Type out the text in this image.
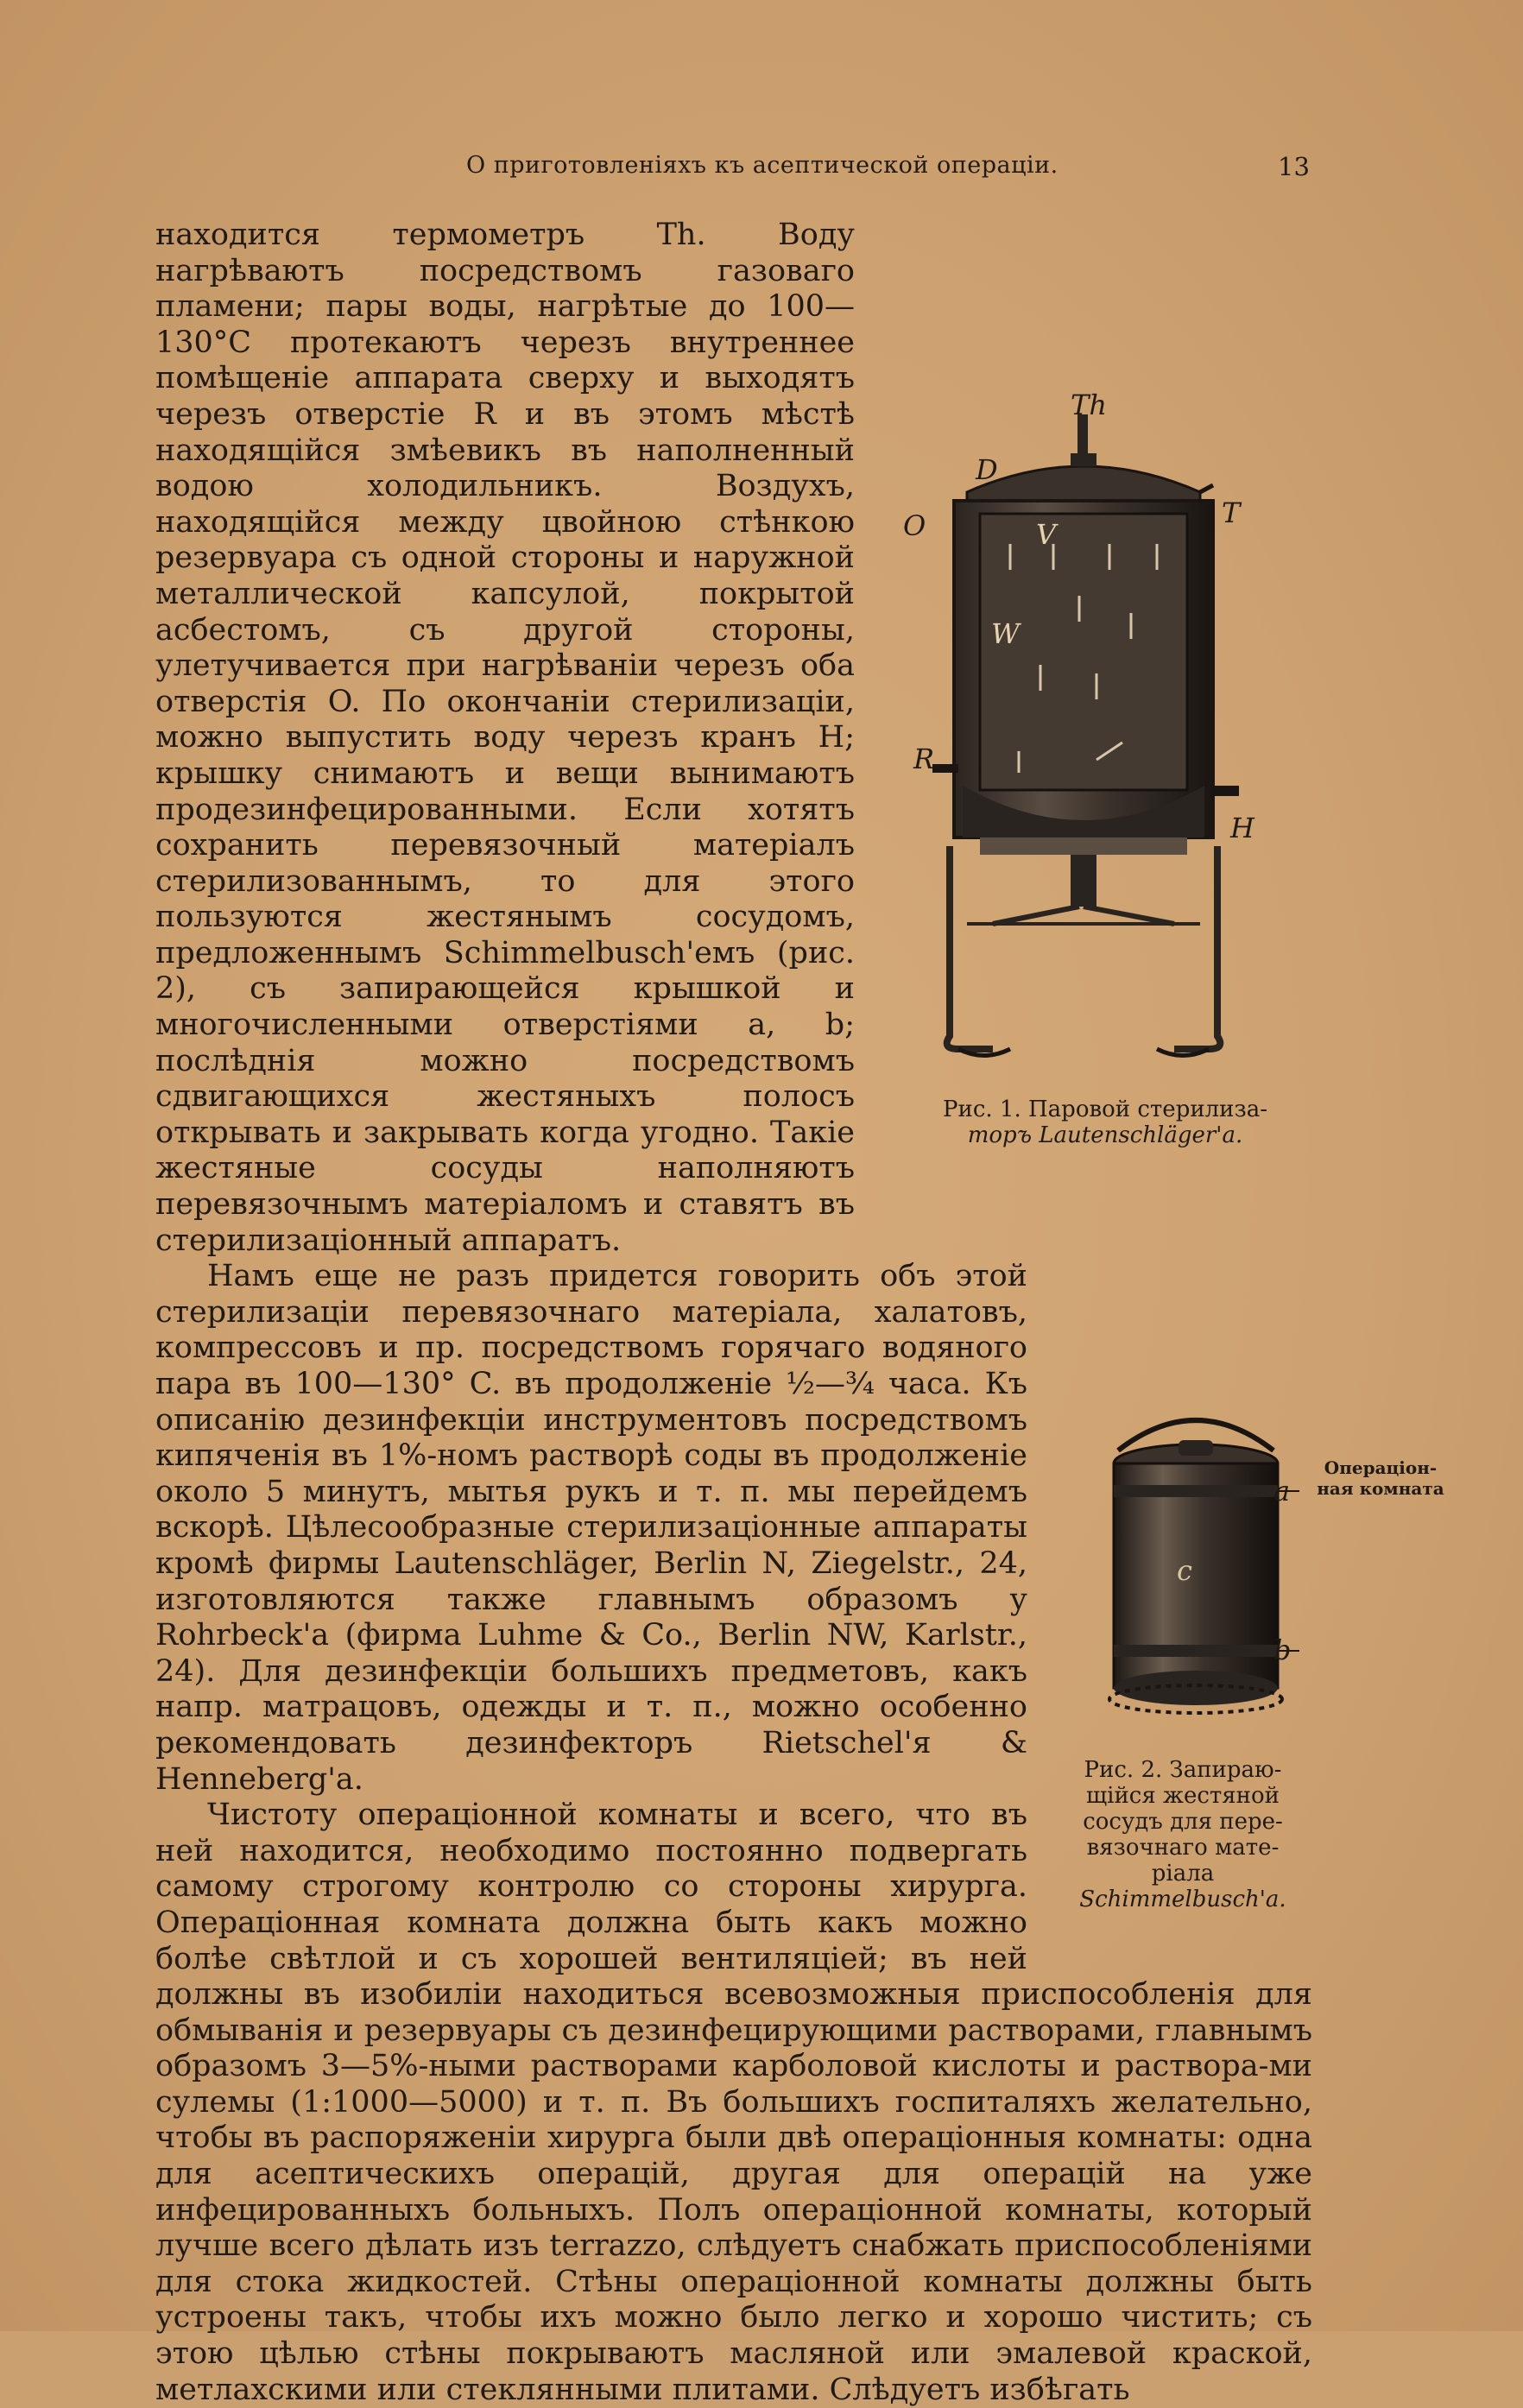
О приготовленіяхъ къ асептической операціи.	13

находится термометръ Th. Воду нагрѣваютъ посредствомъ газоваго пламени; пары воды, нагрѣтые до 100—130°C протекаютъ черезъ внутреннее помѣщеніе аппарата сверху и выходятъ черезъ отверстіе R и въ этомъ мѣстѣ находящійся змѣевикъ въ наполненный водою холодильникъ. Воздухъ, находящійся между цвойною стѣнкою резервуара съ одной стороны и наружной металлической капсулой, покрытой асбестомъ, съ другой стороны, улетучивается при нагрѣваніи черезъ оба отверстія O. По окончаніи стерилизаціи, можно выпустить воду черезъ кранъ H; крышку снимаютъ и вещи вынимаютъ продезинфецированными. Если хотятъ сохранить перевязочный матеріалъ стерилизованнымъ, то для этого пользуются жестянымъ сосудомъ, предложеннымъ Schimmelbusch'емъ (рис. 2), съ запирающейся крышкой и многочисленными отверстіями a, b; послѣднія можно посредствомъ сдвигающихся жестяныхъ полосъ открывать и закрывать когда угодно. Такіе жестяные сосуды наполняютъ перевязочнымъ матеріаломъ и ставятъ въ стерилизаціонный аппаратъ.

Намъ еще не разъ придется говорить объ этой стерилизаціи перевязочнаго матеріала, халатовъ, компрессовъ и пр. посредствомъ горячаго водяного пара въ 100—130° C. въ продолженіе ½—¾ часа. Къ описанію дезинфекціи инструментовъ посредствомъ кипяченія въ 1%-номъ растворѣ соды въ продолженіе около 5 минутъ, мытья рукъ и т. п. мы перейдемъ вскорѣ. Цѣлесообразные стерилизаціонные аппараты кромѣ фирмы Lautenschläger, Berlin N, Ziegelstr., 24, изготовляются также главнымъ образомъ у Rohrbeck'а (фирма Luhme & Co., Berlin NW, Karlstr., 24). Для дезинфекціи большихъ предметовъ, какъ напр. матрацовъ, одежды и т. п., можно особенно рекомендовать дезинфекторъ Rietschel'я & Henneberg'а.

Чистоту операціонной комнаты и всего, что въ ней находится, необходимо постоянно подвергать самому строгому контролю со стороны хирурга. Операціонная комната должна быть какъ можно болѣе свѣтлой и съ хорошей вентиляціей; въ ней должны въ изобиліи находиться всевозможныя приспособленія для обмыванія и резервуары съ дезинфецирующими растворами, главнымъ образомъ 3—5%-ными растворами карболовой кислоты и раствора-ми сулемы (1:1000—5000) и т. п. Въ большихъ госпиталяхъ желательно, чтобы въ распоряженіи хирурга были двѣ операціонныя комнаты: одна для асептическихъ операцій, другая для операцій на уже инфецированныхъ больныхъ. Полъ операціонной комнаты, который лучше всего дѣлать изъ terrazzo, слѣдуетъ снабжать приспособленіями для стока жидкостей. Стѣны операціонной комнаты должны быть устроены такъ, чтобы ихъ можно было легко и хорошо чистить; съ этою цѣлью стѣны покрываютъ масляной или эмалевой краской, метлахскими или стеклянными плитами. Слѣдуетъ избѣгать

Th
D
O	T
V
W
R
H
Рис. 1. Паровой стерилиза-
торъ Lautenschläger'а.
a
b
c
Рис. 2. Запираю-
щійся жестяной
сосудъ для пере-
вязочнаго мате-
ріала
Schimmelbusch'а.
Операціон-
ная комната
